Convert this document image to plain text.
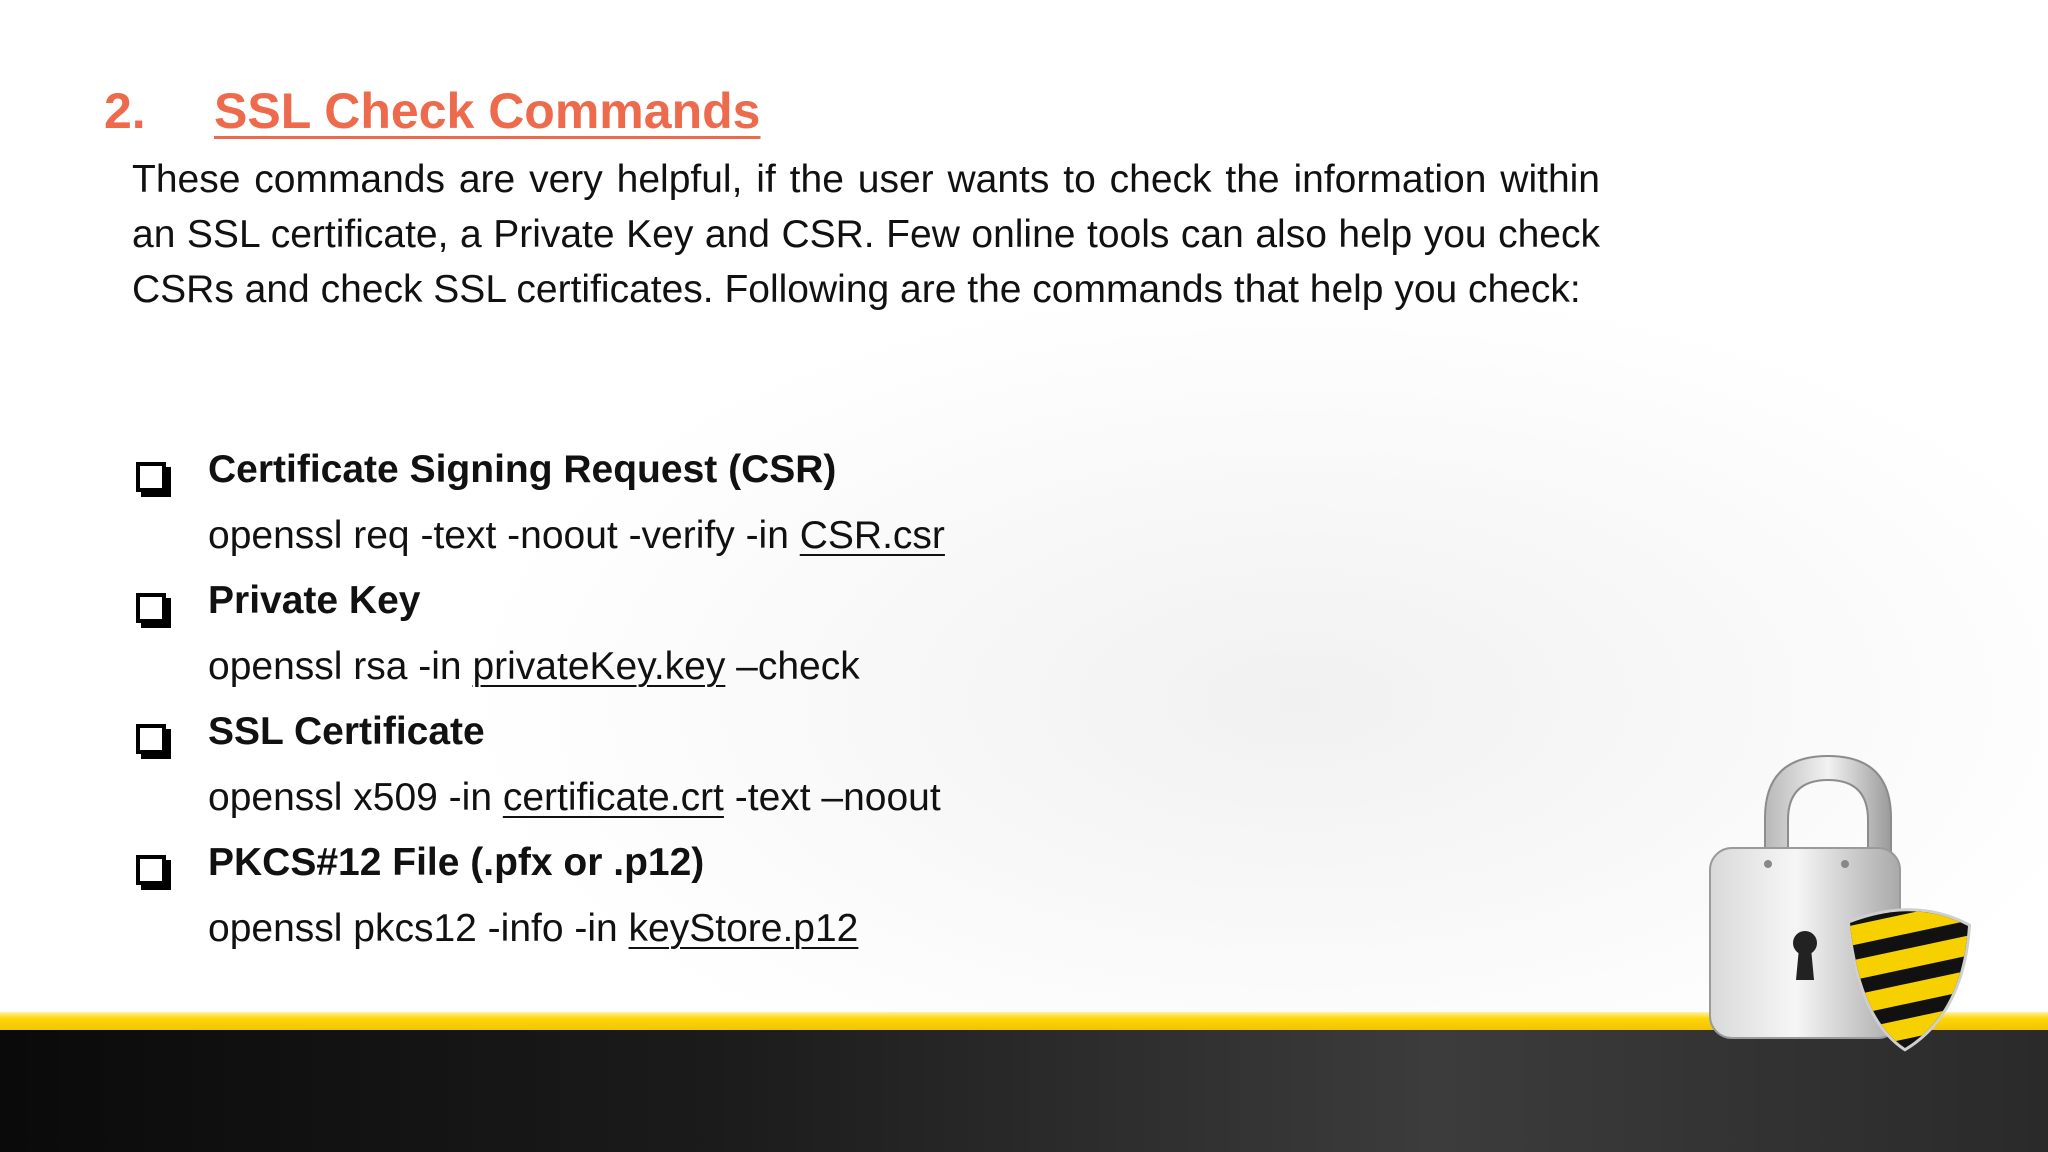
2.	SSL Check Commands
These commands are very helpful, if the user wants to check the information within an SSL certificate, a Private Key and CSR. Few online tools can also help you check CSRs and check SSL certificates. Following are the commands that help you check:
Certificate Signing Request (CSR)
openssl req -text -noout -verify -in CSR.csr
Private Key
openssl rsa -in privateKey.key –check
SSL Certificate
openssl x509 -in certificate.crt -text –noout
PKCS#12 File (.pfx or .p12)
openssl pkcs12 -info -in keyStore.p12
